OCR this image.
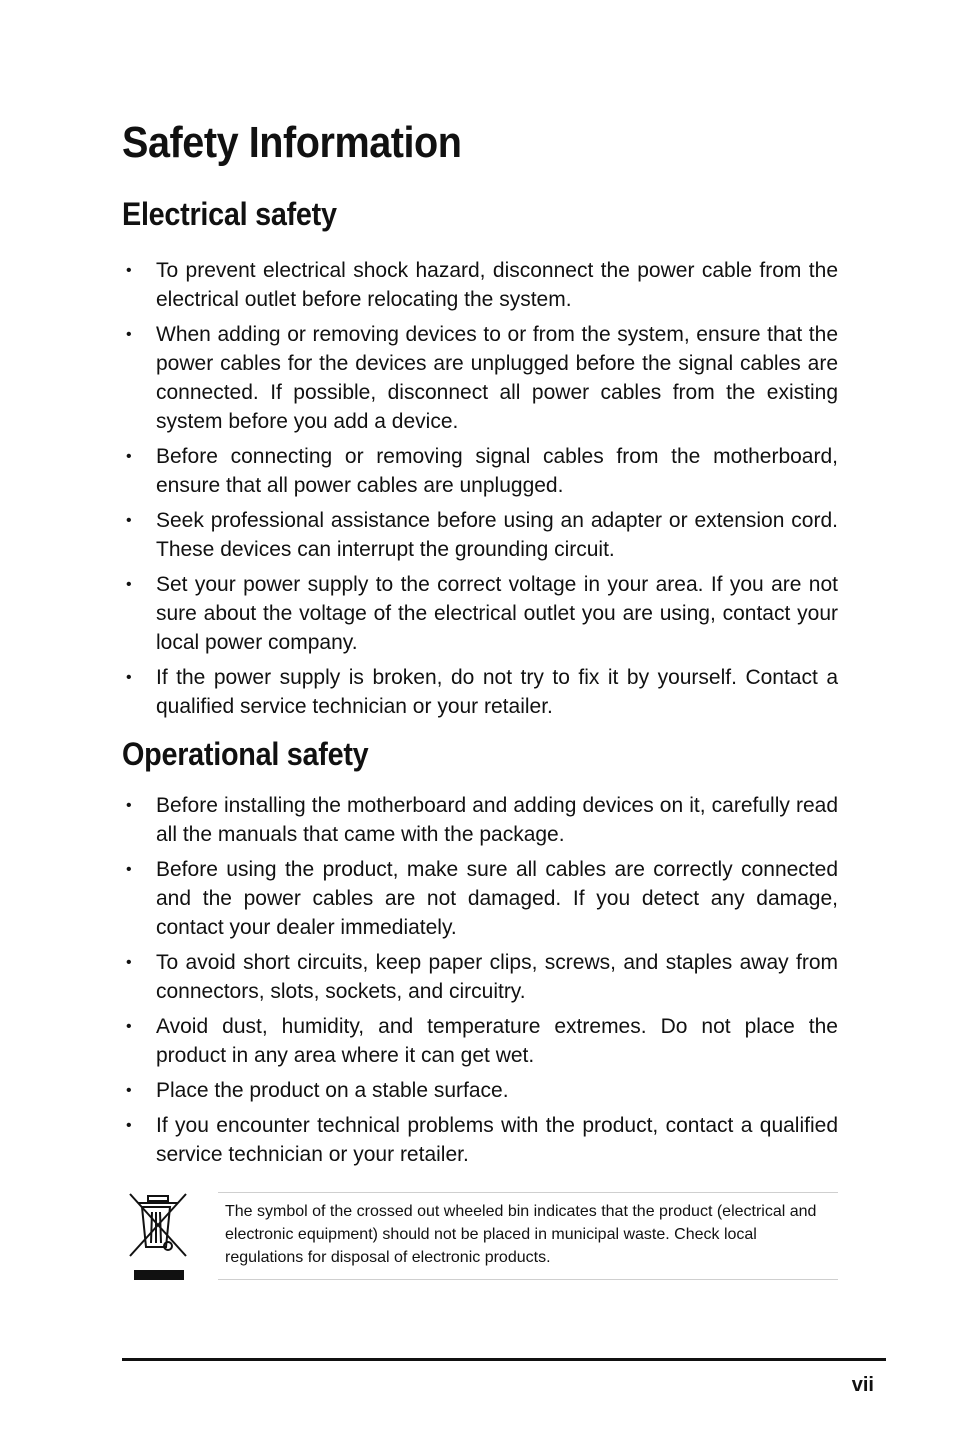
Safety Information
Electrical safety
• To prevent electrical shock hazard, disconnect the power cable from the electrical outlet before relocating the system.
• When adding or removing devices to or from the system, ensure that the power cables for the devices are unplugged before the signal cables are connected. If possible, disconnect all power cables from the existing system before you add a device.
• Before connecting or removing signal cables from the motherboard, ensure that all power cables are unplugged.
• Seek professional assistance before using an adapter or extension cord. These devices can interrupt the grounding circuit.
• Set your power supply to the correct voltage in your area. If you are not sure about the voltage of the electrical outlet you are using, contact your local power company.
• If the power supply is broken, do not try to fix it by yourself. Contact a qualified service technician or your retailer.
Operational safety
• Before installing the motherboard and adding devices on it, carefully read all the manuals that came with the package.
• Before using the product, make sure all cables are correctly connected and the power cables are not damaged. If you detect any damage, contact your dealer immediately.
• To avoid short circuits, keep paper clips, screws, and staples away from connectors, slots, sockets, and circuitry.
• Avoid dust, humidity, and temperature extremes. Do not place the product in any area where it can get wet.
• Place the product on a stable surface.
• If you encounter technical problems with the product, contact a qualified service technician or your retailer.

The symbol of the crossed out wheeled bin indicates that the product (electrical and electronic equipment) should not be placed in municipal waste. Check local regulations for disposal of electronic products.

vii
